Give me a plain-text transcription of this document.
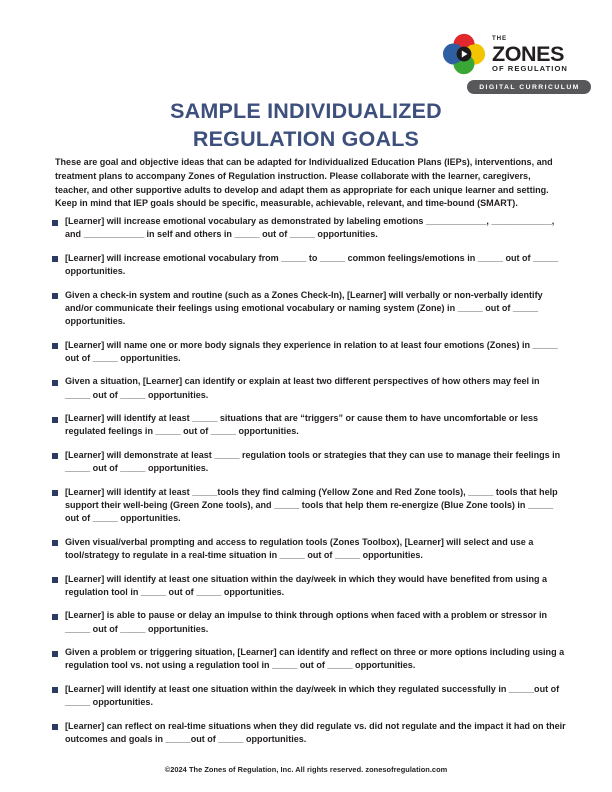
THE
ZONES
OF REGULATION
DIGITAL CURRICULUM
SAMPLE INDIVIDUALIZED
REGULATION GOALS

These are goal and objective ideas that can be adapted for Individualized Education Plans (IEPs), interventions, and treatment plans to accompany Zones of Regulation instruction. Please collaborate with the learner, caregivers, teacher, and other supportive adults to develop and adapt them as appropriate for each unique learner and setting. Keep in mind that IEP goals should be specific, measurable, achievable, relevant, and time-bound (SMART).

[Learner] will increase emotional vocabulary as demonstrated by labeling emotions ____________, ____________, and ____________ in self and others in _____ out of _____ opportunities.
[Learner] will increase emotional vocabulary from _____ to _____ common feelings/emotions in _____ out of _____ opportunities.
Given a check-in system and routine (such as a Zones Check-In), [Learner] will verbally or non-verbally identify and/or communicate their feelings using emotional vocabulary or naming system (Zone) in _____ out of _____ opportunities.
[Learner] will name one or more body signals they experience in relation to at least four emotions (Zones) in _____ out of _____ opportunities.
Given a situation, [Learner] can identify or explain at least two different perspectives of how others may feel in _____ out of _____ opportunities.
[Learner] will identify at least _____ situations that are “triggers” or cause them to have uncomfortable or less regulated feelings in _____ out of _____ opportunities.
[Learner] will demonstrate at least _____ regulation tools or strategies that they can use to manage their feelings in _____ out of _____ opportunities.
[Learner] will identify at least _____tools they find calming (Yellow Zone and Red Zone tools), _____ tools that help support their well-being (Green Zone tools), and _____ tools that help them re-energize (Blue Zone tools) in _____ out of _____ opportunities.
Given visual/verbal prompting and access to regulation tools (Zones Toolbox), [Learner] will select and use a tool/strategy to regulate in a real-time situation in _____ out of _____ opportunities.
[Learner] will identify at least one situation within the day/week in which they would have benefited from using a regulation tool in _____ out of _____ opportunities.
[Learner] is able to pause or delay an impulse to think through options when faced with a problem or stressor in _____ out of _____ opportunities.
Given a problem or triggering situation, [Learner] can identify and reflect on three or more options including using a regulation tool vs. not using a regulation tool in _____ out of _____ opportunities.
[Learner] will identify at least one situation within the day/week in which they regulated successfully in _____out of _____ opportunities.
[Learner] can reflect on real-time situations when they did regulate vs. did not regulate and the impact it had on their outcomes and goals in _____out of _____ opportunities.
©2024 The Zones of Regulation, Inc. All rights reserved. zonesofregulation.com
